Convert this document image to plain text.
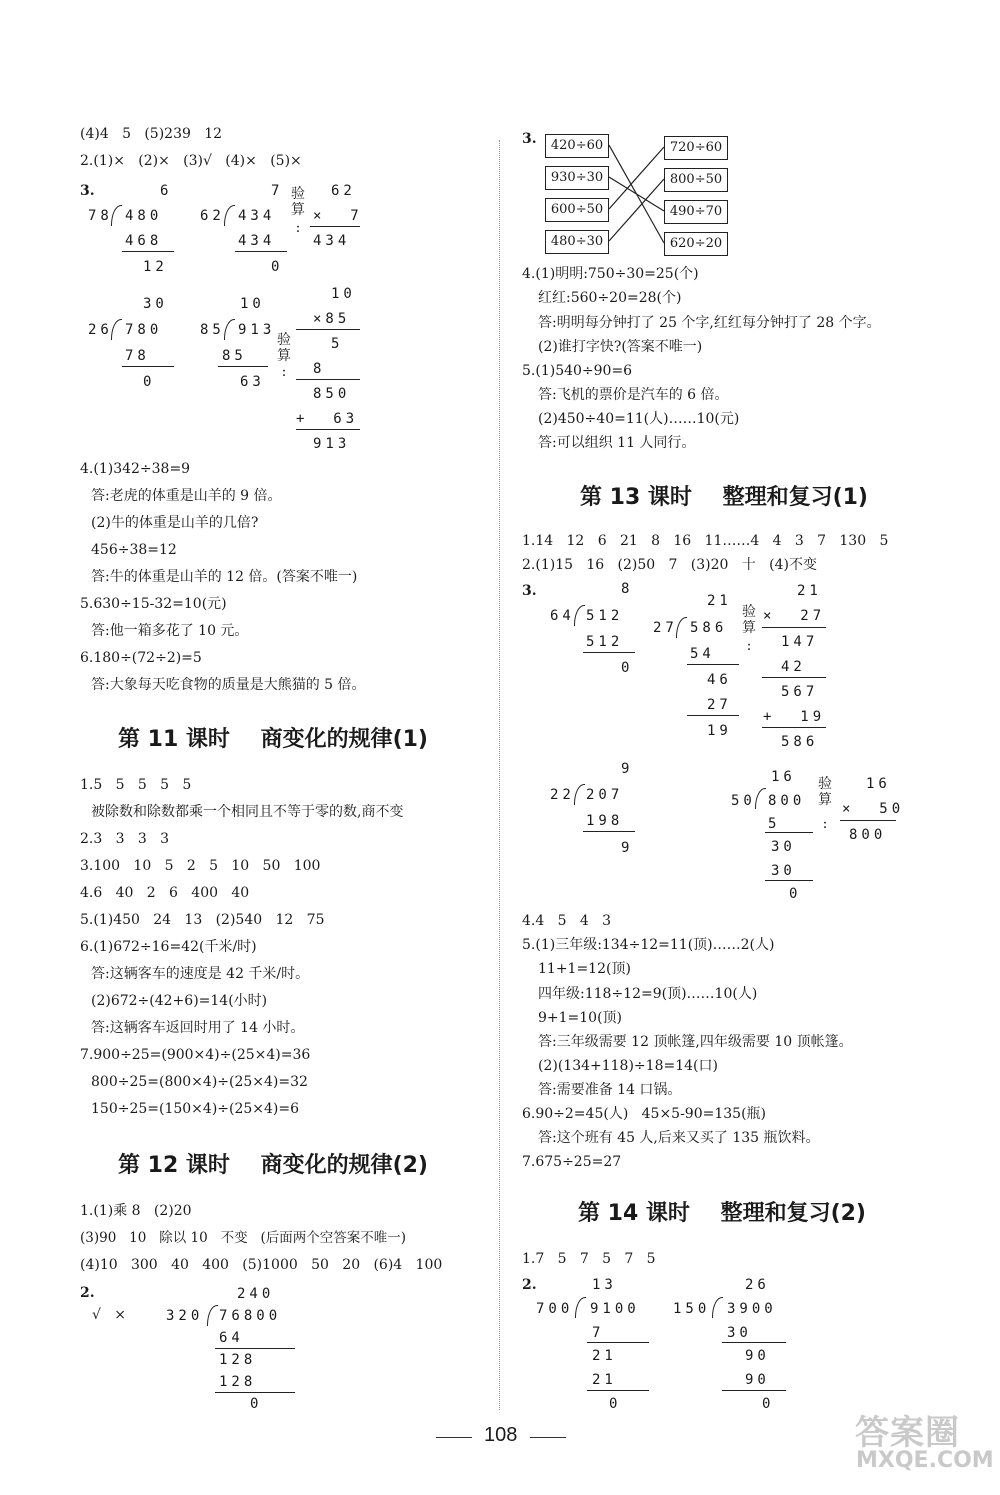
(4)4   5   (5)239   12
2.(1)×   (2)×   (3)√   (4)×   (5)×
3.	6
78 480
468
12
7
62 434
434
0
验算
:
62
×  7
434
30
26 780
78
0
10
85 913
85
63
验算
:
10
×85
5
8
850
+  63
913
4.(1)342÷38=9
答:老虎的体重是山羊的 9 倍。
(2)牛的体重是山羊的几倍?
456÷38=12
答:牛的体重是山羊的 12 倍。(答案不唯一)
5.630÷15-32=10(元)
答:他一箱多花了 10 元。
6.180÷(72÷2)=5
答:大象每天吃食物的质量是大熊猫的 5 倍。
第 11 课时    商变化的规律(1)
1.5   5   5   5   5
被除数和除数都乘一个相同且不等于零的数,商不变
2.3   3   3   3
3.100   10   5   2   5   10   50   100
4.6   40   2   6   400   40
5.(1)450   24   13   (2)540   12   75
6.(1)672÷16=42(千米/时)
答:这辆客车的速度是 42 千米/时。
(2)672÷(42+6)=14(小时)
答:这辆客车返回时用了 14 小时。
7.900÷25=(900×4)÷(25×4)=36
800÷25=(800×4)÷(25×4)=32
150÷25=(150×4)÷(25×4)=6
第 12 课时    商变化的规律(2)
1.(1)乘 8   (2)20
(3)90   10   除以 10   不变   (后面两个空答案不唯一)
(4)10   300   40   400   (5)1000   50   20   (6)4   100
2.
√   ×
240
320 76800
64
128
128
0
3.	420÷60
930÷30
600÷50
480÷30
720÷60
800÷50
490÷70
620÷20
4.(1)明明:750÷30=25(个)
红红:560÷20=28(个)
答:明明每分钟打了 25 个字,红红每分钟打了 28 个字。
(2)谁打字快?(答案不唯一)
5.(1)540÷90=6
答:飞机的票价是汽车的 6 倍。
(2)450÷40=11(人)……10(元)
答:可以组织 11 人同行。
第 13 课时    整理和复习(1)
1.14   12   6   21   8   16   11……4   4   3   7   130   5
2.(1)15   16   (2)50   7   (3)20   十   (4)不变
3.	8
64 512
512
0
21
27 586
54
46
27
19
验算
:
21
×  27
147
42
567
+  19
586
9
22 207
198
9
16
50 800
5
30
30
0
验算
:
16
×  50
800
4.4   5   4   3
5.(1)三年级:134÷12=11(顶)……2(人)
11+1=12(顶)
四年级:118÷12=9(顶)……10(人)
9+1=10(顶)
答:三年级需要 12 顶帐篷,四年级需要 10 顶帐篷。
(2)(134+118)÷18=14(口)
答:需要准备 14 口锅。
6.90÷2=45(人)   45×5-90=135(瓶)
答:这个班有 45 人,后来又买了 135 瓶饮料。
7.675÷25=27
第 14 课时    整理和复习(2)
1.7   5   7   5   7   5
2.	13
700 9100
7
21
21
0
26
150 3900
30
90
90
0
108	答案圈
MXQE.COM
